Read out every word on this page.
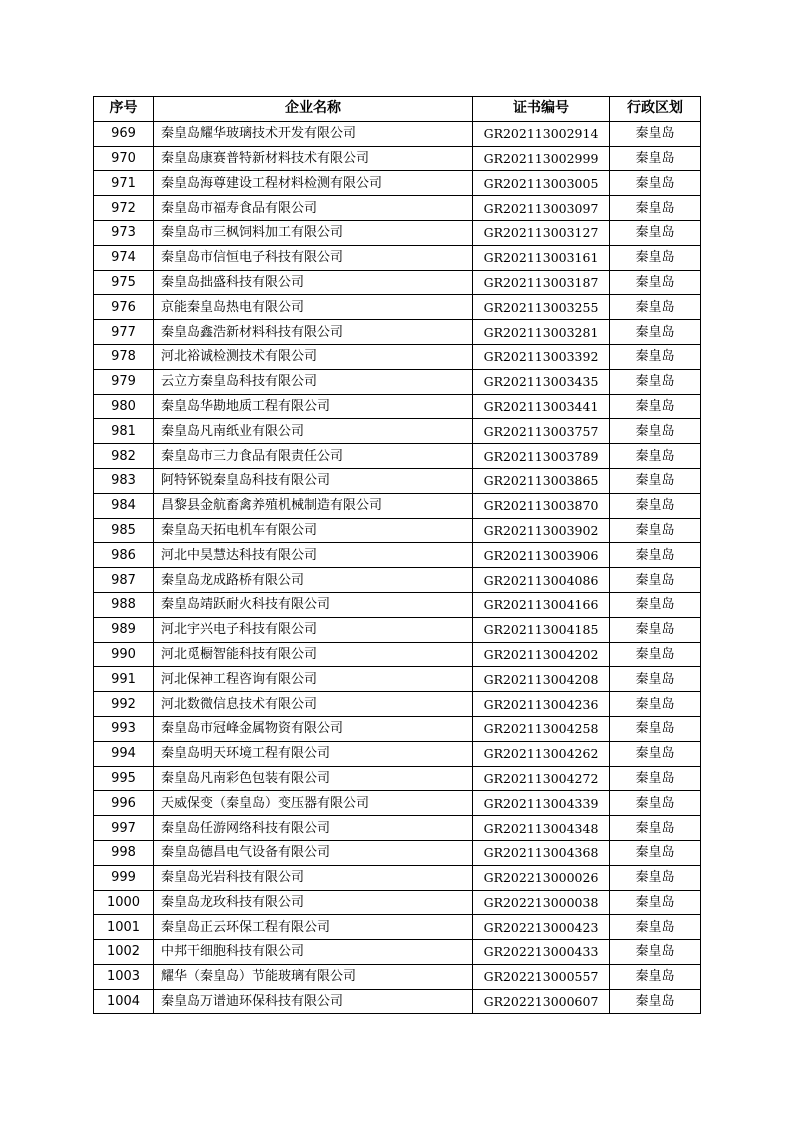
序号	企业名称	证书编号	行政区划
969	秦皇岛耀华玻璃技术开发有限公司	GR202113002914	秦皇岛
970	秦皇岛康赛普特新材料技术有限公司	GR202113002999	秦皇岛
971	秦皇岛海尊建设工程材料检测有限公司	GR202113003005	秦皇岛
972	秦皇岛市福寿食品有限公司	GR202113003097	秦皇岛
973	秦皇岛市三枫饲料加工有限公司	GR202113003127	秦皇岛
974	秦皇岛市信恒电子科技有限公司	GR202113003161	秦皇岛
975	秦皇岛拙盛科技有限公司	GR202113003187	秦皇岛
976	京能秦皇岛热电有限公司	GR202113003255	秦皇岛
977	秦皇岛鑫浩新材料科技有限公司	GR202113003281	秦皇岛
978	河北裕诚检测技术有限公司	GR202113003392	秦皇岛
979	云立方秦皇岛科技有限公司	GR202113003435	秦皇岛
980	秦皇岛华勘地质工程有限公司	GR202113003441	秦皇岛
981	秦皇岛凡南纸业有限公司	GR202113003757	秦皇岛
982	秦皇岛市三力食品有限责任公司	GR202113003789	秦皇岛
983	阿特钚锐秦皇岛科技有限公司	GR202113003865	秦皇岛
984	昌黎县金航畜禽养殖机械制造有限公司	GR202113003870	秦皇岛
985	秦皇岛天拓电机车有限公司	GR202113003902	秦皇岛
986	河北中昊慧达科技有限公司	GR202113003906	秦皇岛
987	秦皇岛龙成路桥有限公司	GR202113004086	秦皇岛
988	秦皇岛靖跃耐火科技有限公司	GR202113004166	秦皇岛
989	河北宇兴电子科技有限公司	GR202113004185	秦皇岛
990	河北觅橱智能科技有限公司	GR202113004202	秦皇岛
991	河北保神工程咨询有限公司	GR202113004208	秦皇岛
992	河北数微信息技术有限公司	GR202113004236	秦皇岛
993	秦皇岛市冠峰金属物资有限公司	GR202113004258	秦皇岛
994	秦皇岛明天环境工程有限公司	GR202113004262	秦皇岛
995	秦皇岛凡南彩色包装有限公司	GR202113004272	秦皇岛
996	天威保变（秦皇岛）变压器有限公司	GR202113004339	秦皇岛
997	秦皇岛任游网络科技有限公司	GR202113004348	秦皇岛
998	秦皇岛德昌电气设备有限公司	GR202113004368	秦皇岛
999	秦皇岛光岩科技有限公司	GR202213000026	秦皇岛
1000	秦皇岛龙玫科技有限公司	GR202213000038	秦皇岛
1001	秦皇岛正云环保工程有限公司	GR202213000423	秦皇岛
1002	中邦干细胞科技有限公司	GR202213000433	秦皇岛
1003	耀华（秦皇岛）节能玻璃有限公司	GR202213000557	秦皇岛
1004	秦皇岛万谱迪环保科技有限公司	GR202213000607	秦皇岛
